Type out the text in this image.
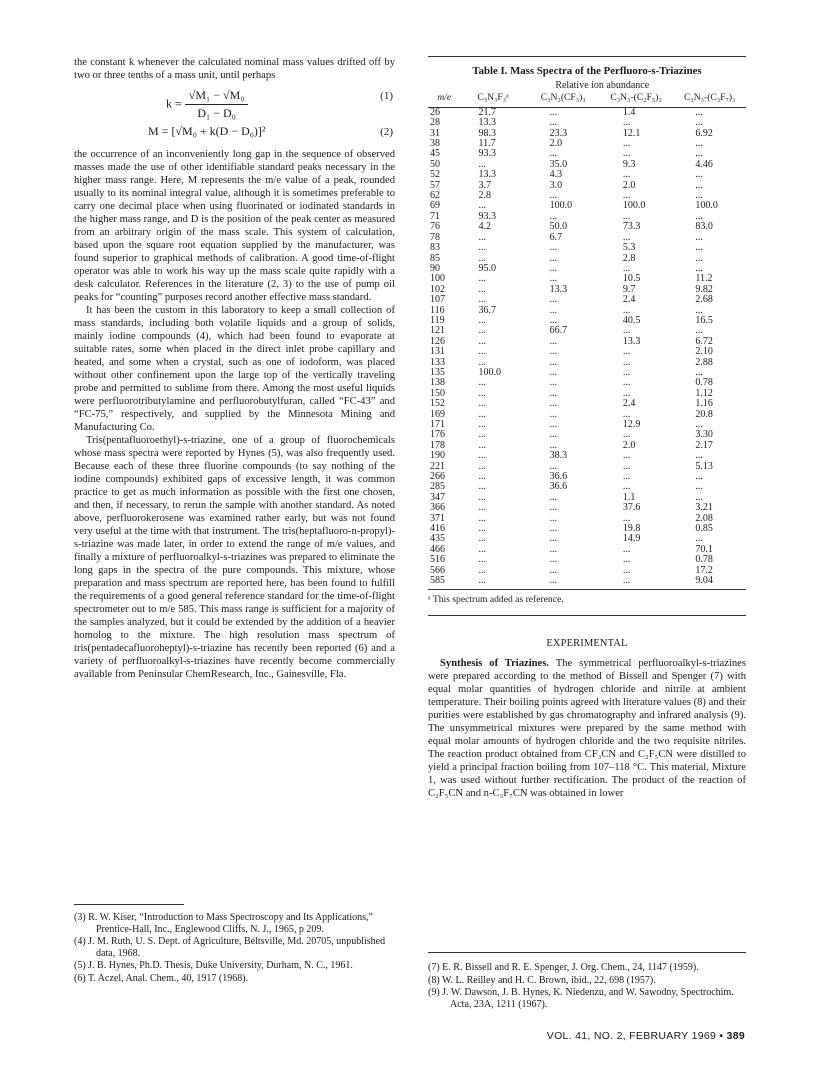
the constant k whenever the calculated nominal mass values drifted off by two or three tenths of a mass unit, until perhaps

$k = \frac{\text{√M₁ − √M₀}}{\text{D₁ − D₀}}$	(1)
M = [√M₀ + k(D − D₀)]²	(2)

the occurrence of an inconveniently long gap in the sequence of observed masses made the use of other identifiable standard peaks necessary in the higher mass range. Here, M represents the m/e value of a peak, rounded usually to its nominal integral value, although it is sometimes preferable to carry one decimal place when using fluorinated or iodinated standards in the higher mass range, and D is the position of the peak center as measured from an arbitrary origin of the mass scale. This system of calculation, based upon the square root equation supplied by the manufacturer, was found superior to graphical methods of calibration. A good time-of-flight operator was able to work his way up the mass scale quite rapidly with a desk calculator. References in the literature (2, 3) to the use of pump oil peaks for “counting” purposes record another effective mass standard.

It has been the custom in this laboratory to keep a small collection of mass standards, including both volatile liquids and a group of solids, mainly iodine compounds (4), which had been found to evaporate at suitable rates, some when placed in the direct inlet probe capillary and heated, and some when a crystal, such as one of iodoform, was placed without other confinement upon the large top of the vertically traveling probe and permitted to sublime from there. Among the most useful liquids were perfluorotributylamine and perfluorobutylfuran, called “FC-43” and “FC-75,” respectively, and supplied by the Minnesota Mining and Manufacturing Co.

Tris(pentafluoroethyl)-s-triazine, one of a group of fluorochemicals whose mass spectra were reported by Hynes (5), was also frequently used. Because each of these three fluorine compounds (to say nothing of the iodine compounds) exhibited gaps of excessive length, it was common practice to get as much information as possible with the first one chosen, and then, if necessary, to rerun the sample with another standard. As noted above, perfluorokerosene was examined rather early, but was not found very useful at the time with that instrument. The tris(heptafluoro-n-propyl)-s-triazine was made later, in order to extend the range of m/e values, and finally a mixture of perfluoroalkyl-s-triazines was prepared to eliminate the long gaps in the spectra of the pure compounds. This mixture, whose preparation and mass spectrum are reported here, has been found to fulfill the requirements of a good general reference standard for the time-of-flight spectrometer out to m/e 585. This mass range is sufficient for a majority of the samples analyzed, but it could be extended by the addition of a heavier homolog to the mixture. The high resolution mass spectrum of tris(pentadecafluoroheptyl)-s-triazine has recently been reported (6) and a variety of perfluoroalkyl-s-triazines have recently become commercially available from Peninsular ChemResearch, Inc., Gainesville, Fla.

(3) R. W. Kiser, “Introduction to Mass Spectroscopy and Its Applications,” Prentice-Hall, Inc., Englewood Cliffs, N. J., 1965, p 209.
(4) J. M. Ruth, U. S. Dept. of Agriculture, Beltsville, Md. 20705, unpublished data, 1968.
(5) J. B. Hynes, Ph.D. Thesis, Duke University, Durham, N. C., 1961.
(6) T. Aczel, Anal. Chem., 40, 1917 (1968).
Table I. Mass Spectra of the Perfluoro-s-Triazines
	Relative ion abundance			
m/e	C₃N₃F₃ᵃ	C₃N₃(CF₃)₃	C₃N₃-(C₂F₅)₃	C₃N₃-(C₃F₇)₃
26	21.7	...	1.4	...
28	13.3	...	...	...
31	98.3	23.3	12.1	6.92
38	11.7	2.0	...	...
45	93.3	...	...	...
50	...	35.0	9.3	4.46
52	13.3	4.3	...	...
57	3.7	3.0	2.0	...
62	2.8	...	...	...
69	...	100.0	100.0	100.0
71	93.3	...	...	...
76	4.2	50.0	73.3	83.0
78	...	6.7	...	...
83	...	...	5.3	...
85	...	...	2.8	...
90	95.0	...	...	...
100	...	...	10.5	11.2
102	...	13.3	9.7	9.82
107	...	...	2.4	2.68
116	36.7	...	...	...
119	...	...	40.5	16.5
121	...	66.7	...	...
126	...	...	13.3	6.72
131	...	...	...	2.10
133	...	...	...	2.88
135	100.0	...	...	...
138	...	...	...	0.78
150	...	...	...	1.12
152	...	...	2.4	1.16
169	...	...	...	20.8
171	...	...	12.9	...
176	...	...	...	3.30
178	...	...	2.0	2.17
190	...	38.3	...	...
221	...	...	...	5.13
266	...	36.6	...	...
285	...	36.6	...	...
347	...	...	1.1	...
366	...	...	37.6	3.21
371	...	...	...	2.08
416	...	...	19.8	0.85
435	...	...	14.9	...
466	...	...	...	70.1
516	...	...	...	0.78
566	...	...	...	17.2
585	...	...	...	9.04
ᵃ This spectrum added as reference.
EXPERIMENTAL

Synthesis of Triazines. The symmetrical perfluoroalkyl-s-triazines were prepared according to the method of Bissell and Spenger (7) with equal molar quantities of hydrogen chloride and nitrile at ambient temperature. Their boiling points agreed with literature values (8) and their purities were established by gas chromatography and infrared analysis (9). The unsymmetrical mixtures were prepared by the same method with equal molar amounts of hydrogen chloride and the two requisite nitriles. The reaction product obtained from CF₃CN and C₂F₅CN were distilled to yield a principal fraction boiling from 107–118 °C. This material, Mixture 1, was used without further rectification. The product of the reaction of C₂F₅CN and n-C₃F₇CN was obtained in lower

(7) E. R. Bissell and R. E. Spenger, J. Org. Chem., 24, 1147 (1959).
(8) W. L. Reilley and H. C. Brown, ibid., 22, 698 (1957).
(9) J. W. Dawson, J. B. Hynes, K. Niedenzu, and W. Sawodny, Spectrochim. Acta, 23A, 1211 (1967).
VOL. 41, NO. 2, FEBRUARY 1969 • 389
